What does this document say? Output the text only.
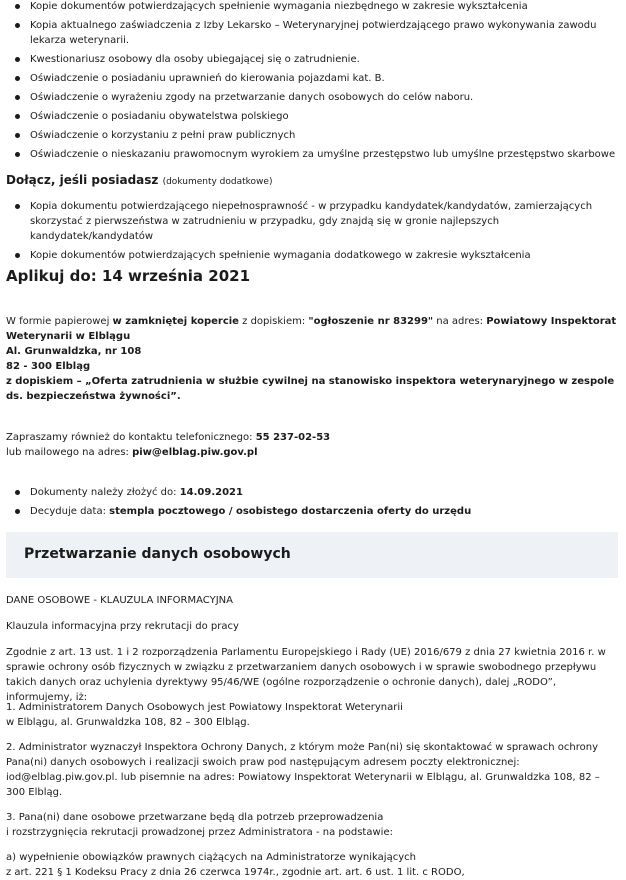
Kopie dokumentów potwierdzających spełnienie wymagania niezbędnego w zakresie wykształcenia
Kopia aktualnego zaświadczenia z Izby Lekarsko – Weterynaryjnej potwierdzającego prawo wykonywania zawodu lekarza weterynarii.
Kwestionariusz osobowy dla osoby ubiegającej się o zatrudnienie.
Oświadczenie o posiadaniu uprawnień do kierowania pojazdami kat. B.
Oświadczenie o wyrażeniu zgody na przetwarzanie danych osobowych do celów naboru.
Oświadczenie o posiadaniu obywatelstwa polskiego
Oświadczenie o korzystaniu z pełni praw publicznych
Oświadczenie o nieskazaniu prawomocnym wyrokiem za umyślne przestępstwo lub umyślne przestępstwo skarbowe
Dołącz, jeśli posiadasz (dokumenty dodatkowe)
Kopia dokumentu potwierdzającego niepełnosprawność - w przypadku kandydatek/kandydatów, zamierzających skorzystać z pierwszeństwa w zatrudnieniu w przypadku, gdy znajdą się w gronie najlepszych kandydatek/kandydatów
Kopie dokumentów potwierdzających spełnienie wymagania dodatkowego w zakresie wykształcenia
Aplikuj do: 14 września 2021
W formie papierowej w zamkniętej kopercie z dopiskiem: "ogłoszenie nr 83299" na adres: Powiatowy Inspektorat Weterynarii w Elblągu
Al. Grunwaldzka, nr 108
82 - 300 Elbląg
z dopiskiem – „Oferta zatrudnienia w służbie cywilnej na stanowisko inspektora weterynaryjnego w zespole ds. bezpieczeństwa żywności”.
Zapraszamy również do kontaktu telefonicznego: 55 237-02-53
lub mailowego na adres: piw@elblag.piw.gov.pl
Dokumenty należy złożyć do: 14.09.2021
Decyduje data: stempla pocztowego / osobistego dostarczenia oferty do urzędu
Przetwarzanie danych osobowych
DANE OSOBOWE - KLAUZULA INFORMACYJNA
Klauzula informacyjna przy rekrutacji do pracy
Zgodnie z art. 13 ust. 1 i 2 rozporządzenia Parlamentu Europejskiego i Rady (UE) 2016/679 z dnia 27 kwietnia 2016 r. w sprawie ochrony osób fizycznych w związku z przetwarzaniem danych osobowych i w sprawie swobodnego przepływu takich danych oraz uchylenia dyrektywy 95/46/WE (ogólne rozporządzenie o ochronie danych), dalej „RODO”, informujemy, iż:
1. Administratorem Danych Osobowych jest Powiatowy Inspektorat Weterynarii
w Elblągu, al. Grunwaldzka 108, 82 – 300 Elbląg.
2. Administrator wyznaczył Inspektora Ochrony Danych, z którym może Pan(ni) się skontaktować w sprawach ochrony Pana(ni) danych osobowych i realizacji swoich praw pod następującym adresem poczty elektronicznej: iod@elblag.piw.gov.pl. lub pisemnie na adres: Powiatowy Inspektorat Weterynarii w Elblągu, al. Grunwaldzka 108, 82 – 300 Elbląg.
3. Pana(ni) dane osobowe przetwarzane będą dla potrzeb przeprowadzenia
i rozstrzygnięcia rekrutacji prowadzonej przez Administratora - na podstawie:
a) wypełnienie obowiązków prawnych ciążących na Administratorze wynikających
z art. 221 § 1 Kodeksu Pracy z dnia 26 czerwca 1974r., zgodnie art. art. 6 ust. 1 lit. c RODO,
